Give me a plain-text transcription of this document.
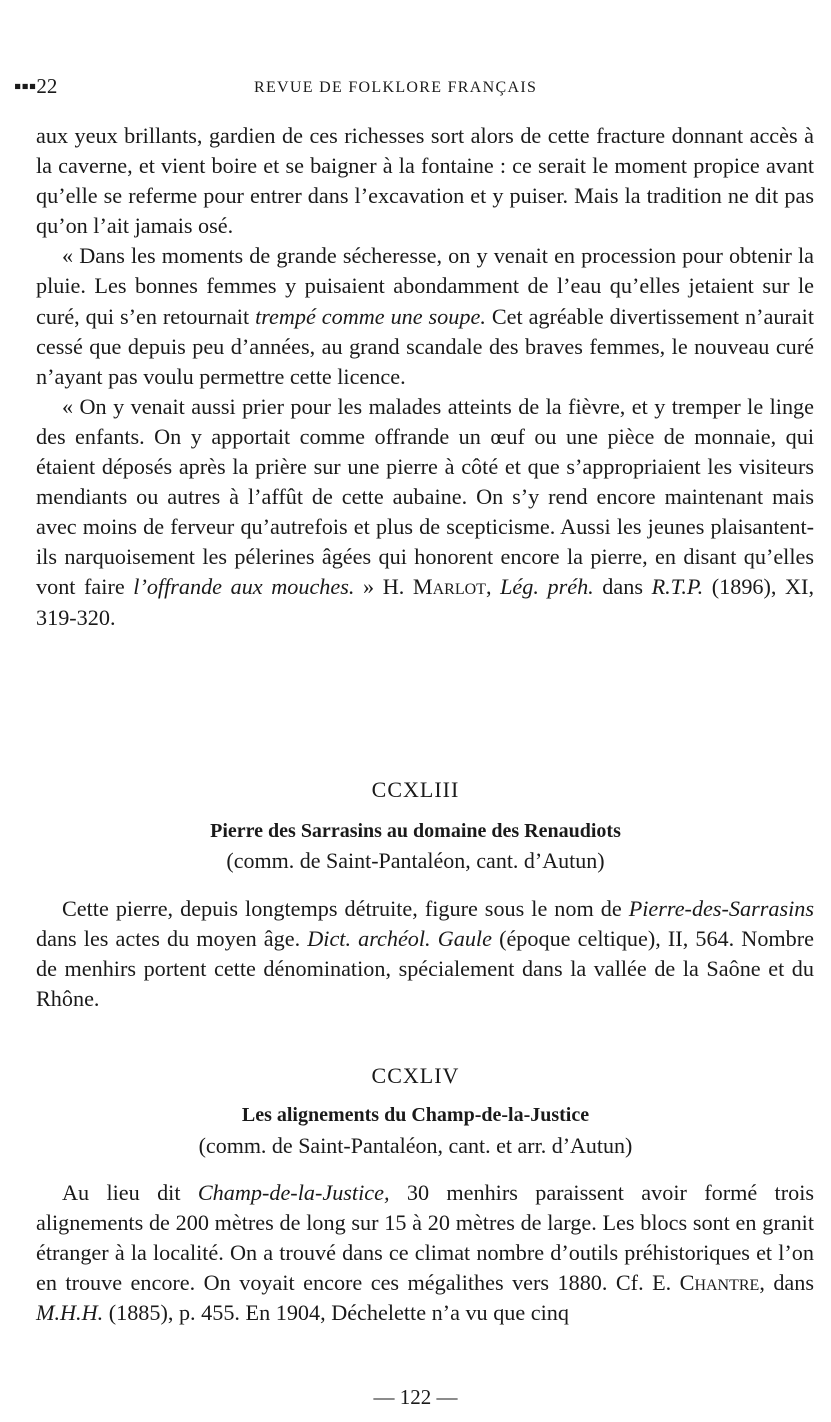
▪▪▪22	REVUE DE FOLKLORE FRANÇAIS

aux yeux brillants, gardien de ces richesses sort alors de cette fracture donnant accès à la caverne, et vient boire et se baigner à la fontaine : ce serait le moment propice avant qu’elle se referme pour entrer dans l’excavation et y puiser. Mais la tradition ne dit pas qu’on l’ait jamais osé.

« Dans les moments de grande sécheresse, on y venait en procession pour obtenir la pluie. Les bonnes femmes y puisaient abondamment de l’eau qu’elles jetaient sur le curé, qui s’en retournait trempé comme une soupe. Cet agréable divertissement n’aurait cessé que depuis peu d’années, au grand scandale des braves femmes, le nouveau curé n’ayant pas voulu permettre cette licence.

« On y venait aussi prier pour les malades atteints de la fièvre, et y tremper le linge des enfants. On y apportait comme offrande un œuf ou une pièce de monnaie, qui étaient déposés après la prière sur une pierre à côté et que s’appropriaient les visiteurs mendiants ou autres à l’affût de cette aubaine. On s’y rend encore maintenant mais avec moins de ferveur qu’autrefois et plus de scepticisme. Aussi les jeunes plaisantent-ils narquoisement les pélerines âgées qui honorent encore la pierre, en disant qu’elles vont faire l’offrande aux mouches. » H. Marlot, Lég. préh. dans R.T.P. (1896), XI, 319-320.

CCXLIII
Pierre des Sarrasins au domaine des Renaudiots
(comm. de Saint-Pantaléon, cant. d’Autun)

Cette pierre, depuis longtemps détruite, figure sous le nom de Pierre-des-Sarrasins dans les actes du moyen âge. Dict. archéol. Gaule (époque celtique), II, 564. Nombre de menhirs portent cette dénomination, spécialement dans la vallée de la Saône et du Rhône.

CCXLIV
Les alignements du Champ-de-la-Justice
(comm. de Saint-Pantaléon, cant. et arr. d’Autun)

Au lieu dit Champ-de-la-Justice, 30 menhirs paraissent avoir formé trois alignements de 200 mètres de long sur 15 à 20 mètres de large. Les blocs sont en granit étranger à la localité. On a trouvé dans ce climat nombre d’outils préhistoriques et l’on en trouve encore. On voyait encore ces mégalithes vers 1880. Cf. E. Chantre, dans M.H.H. (1885), p. 455. En 1904, Déchelette n’a vu que cinq

— 122 —
